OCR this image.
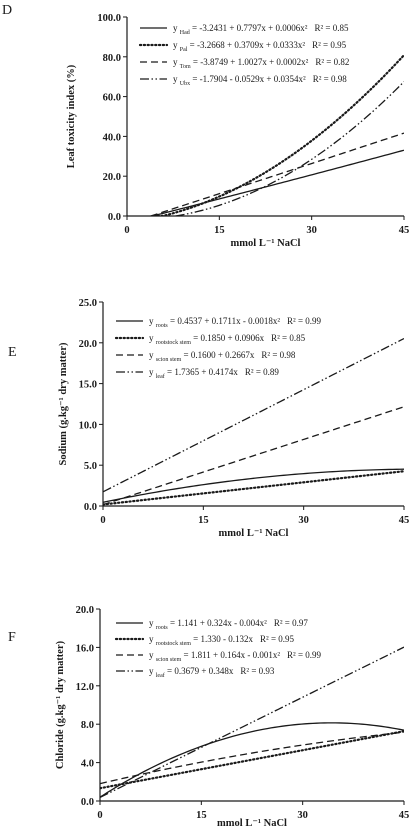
D
0.0
20.0
40.0
60.0
80.0
100.0
0	15	30	45
mmol L⁻¹ NaCl
Leaf toxicity index (%)
y $_{Had}$ = -3.2431 + 0.7797x + 0.0006x² R² = 0.85
y $_{Pal}$ = -3.2668 + 0.3709x + 0.0333x² R² = 0.95
y $_{Tom}$ = -3.8749 + 1.0027x + 0.0002x² R² = 0.82
y $_{Ubx}$ = -1.7904 - 0.0529x + 0.0354x² R² = 0.98
E
0.0
5.0
10.0
15.0
20.0
25.0
0	15	30	45
mmol L⁻¹ NaCl
Sodium (g.kg⁻¹ dry matter)
y $_{roots}$ = 0.4537 + 0.1711x - 0.0018x² R² = 0.99
y $_{rootstock stem}$ = 0.1850 + 0.0906x R² = 0.85
y $_{scion stem}$ = 0.1600 + 0.2667x R² = 0.98
y $_{leaf}$ = 1.7365 + 0.4174x R² = 0.89
F
0.0
4.0
8.0
12.0
16.0
20.0
0	15	30	45
mmol L⁻¹ NaCl
Chloride (g.kg⁻¹ dry matter)
y $_{roots}$ = 1.141 + 0.324x - 0.004x² R² = 0.97
y $_{rootstock stem}$ = 1.330 - 0.132x R² = 0.95
y $_{scion stem}$ = 1.811 + 0.164x - 0.001x² R² = 0.99
y $_{leaf}$ = 0.3679 + 0.348x R² = 0.93
